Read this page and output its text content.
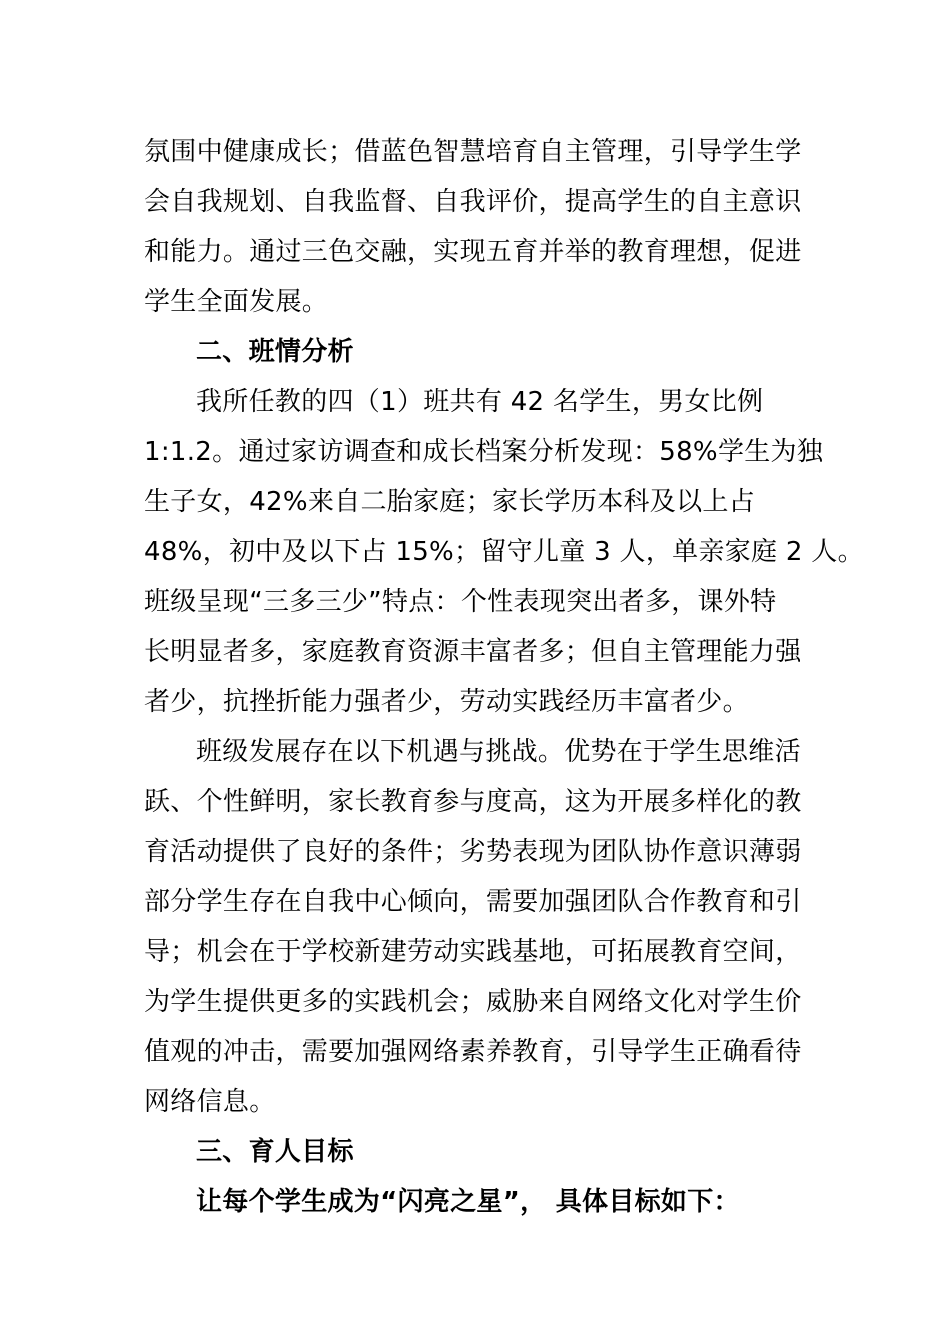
氛围中健康成长；借蓝色智慧培育自主管理，引导学生学
会自我规划、自我监督、自我评价，提高学生的自主意识
和能力。通过三色交融，实现五育并举的教育理想，促进
学生全面发展。
二、班情分析
我所任教的四（1）班共有 42 名学生，男女比例
1:1.2。通过家访调查和成长档案分析发现：58%学生为独
生子女，42%来自二胎家庭；家长学历本科及以上占
48%，初中及以下占 15%；留守儿童 3 人，单亲家庭 2 人。
班级呈现“三多三少”特点：个性表现突出者多，课外特
长明显者多，家庭教育资源丰富者多；但自主管理能力强
者少，抗挫折能力强者少，劳动实践经历丰富者少。
班级发展存在以下机遇与挑战。优势在于学生思维活
跃、个性鲜明，家长教育参与度高，这为开展多样化的教
育活动提供了良好的条件；劣势表现为团队协作意识薄弱
部分学生存在自我中心倾向，需要加强团队合作教育和引
导；机会在于学校新建劳动实践基地，可拓展教育空间，
为学生提供更多的实践机会；威胁来自网络文化对学生价
值观的冲击，需要加强网络素养教育，引导学生正确看待
网络信息。
三、育人目标
让每个学生成为“闪亮之星”， 具体目标如下：
